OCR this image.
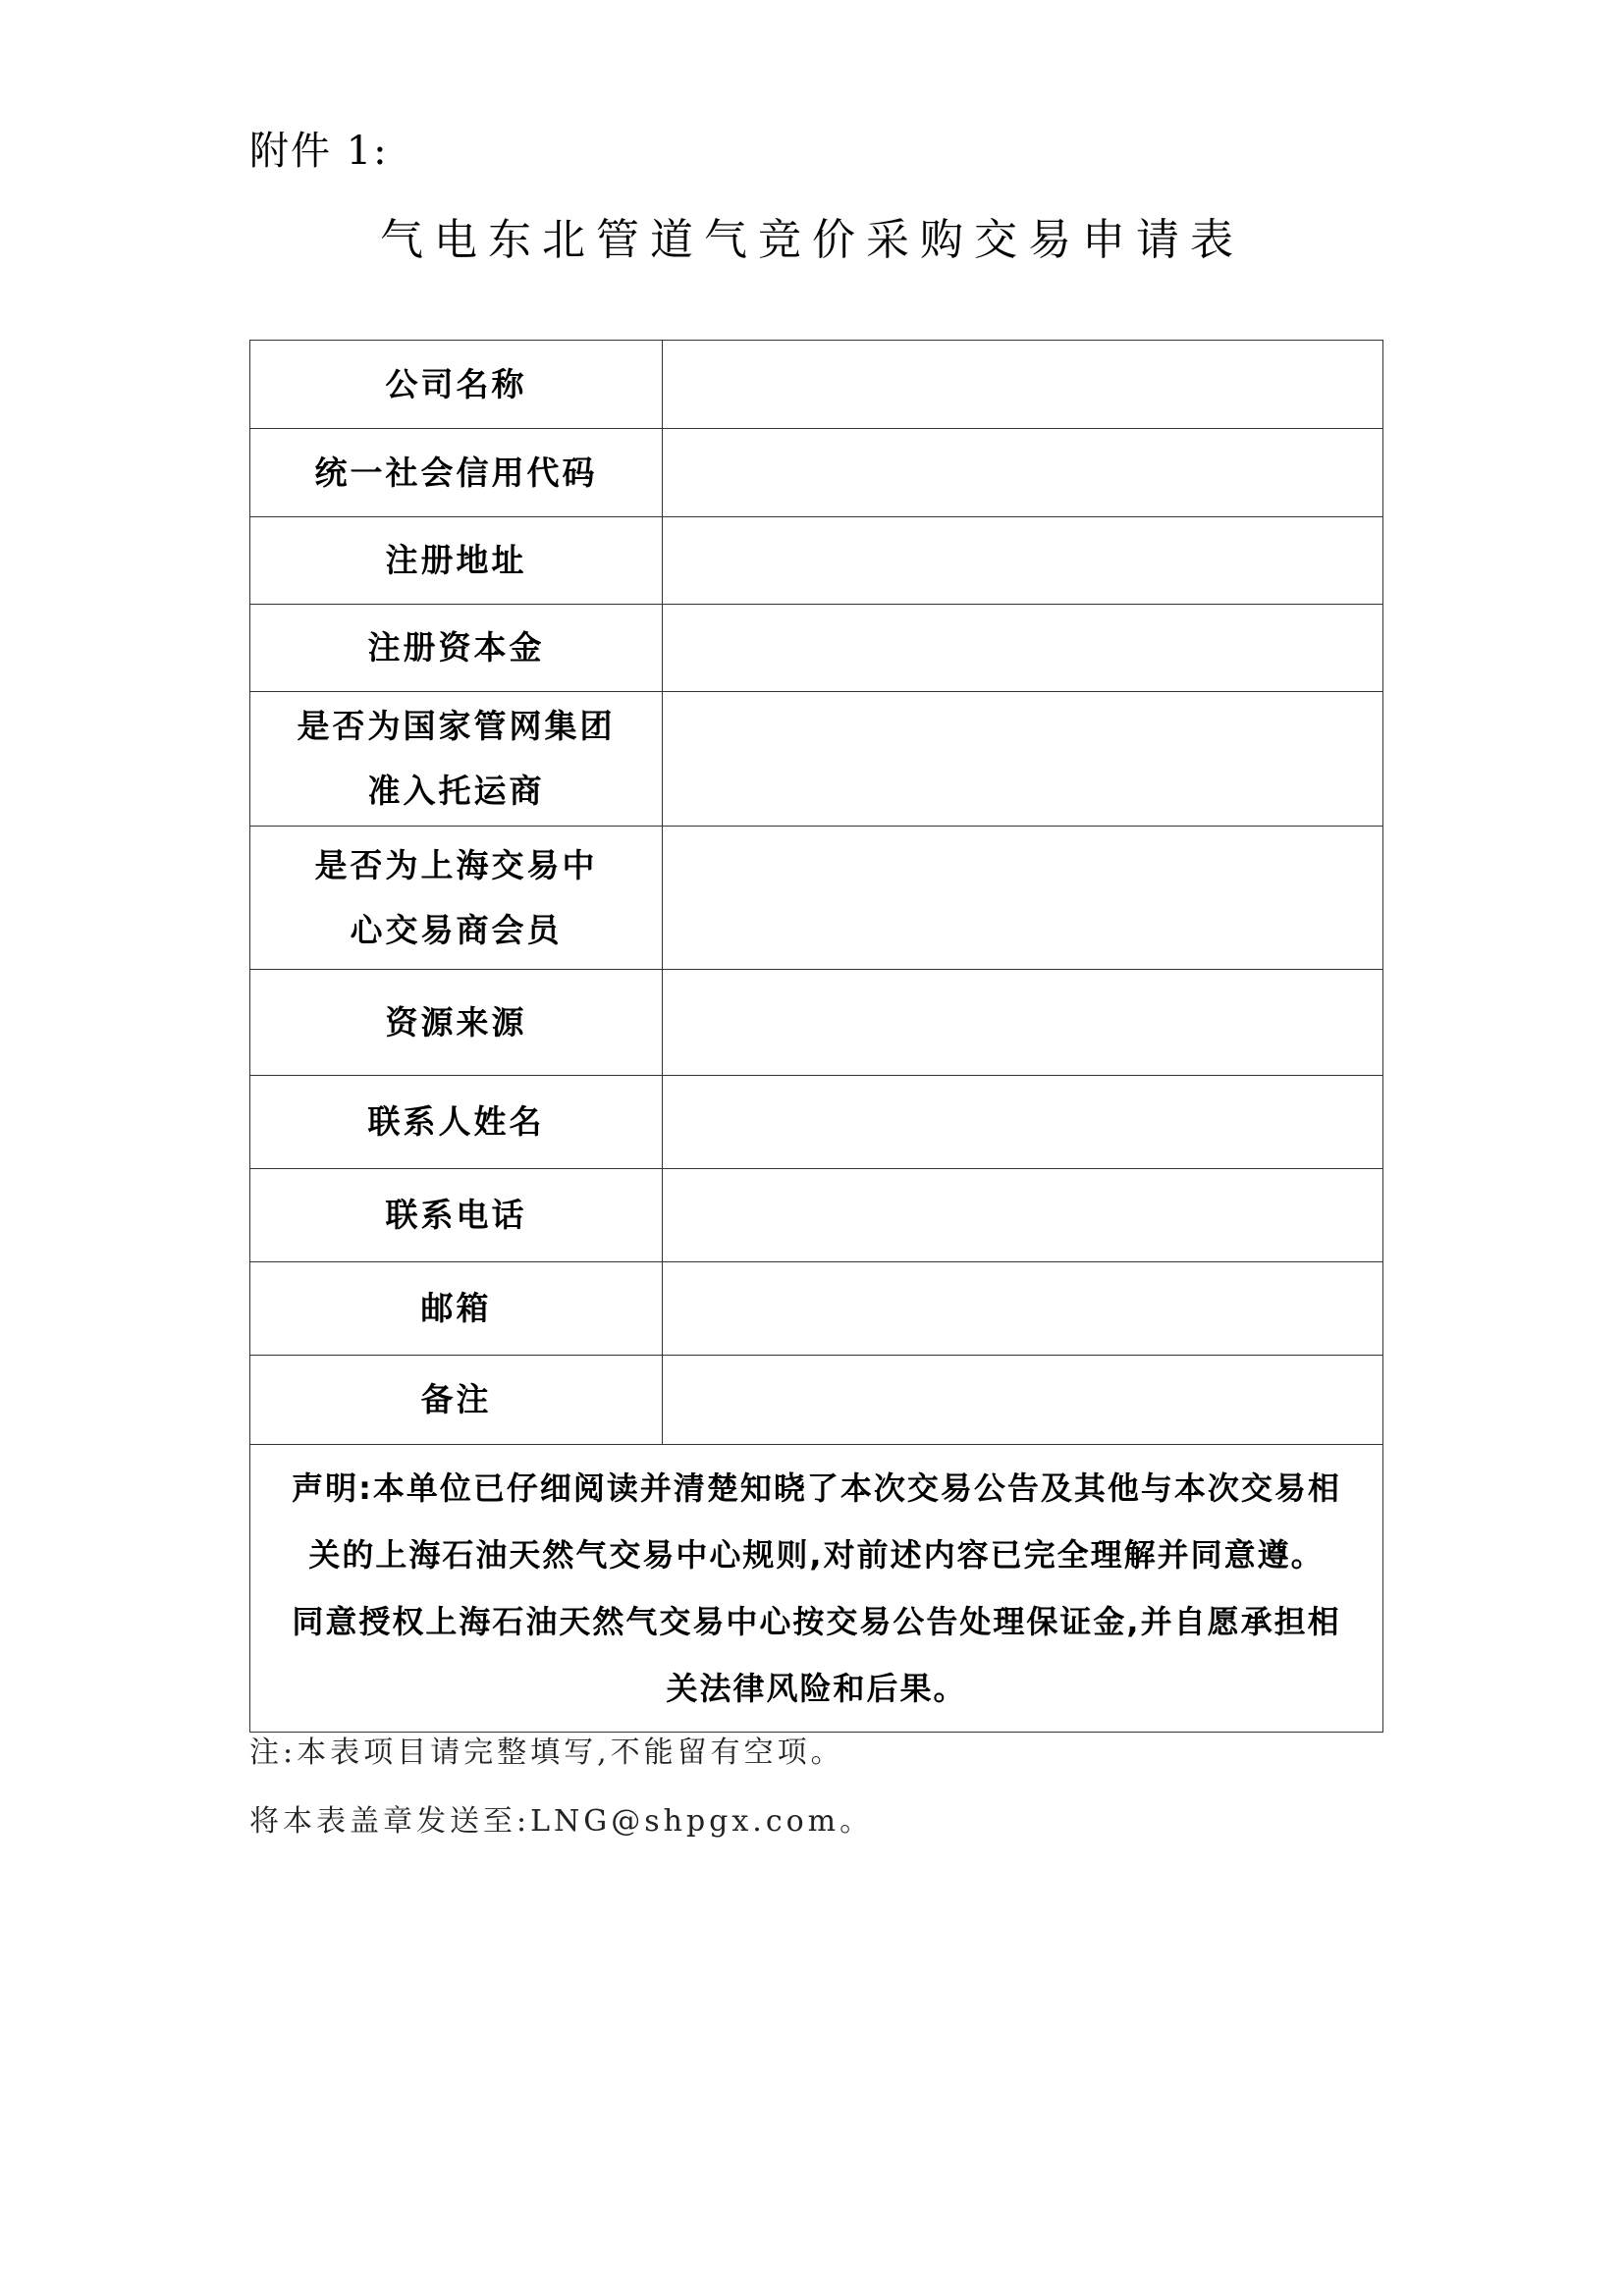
附件 1:
气电东北管道气竞价采购交易申请表
公司名称	

统一社会信用代码	

注册地址	

注册资本金	

是否为国家管网集团
准入托运商	

是否为上海交易中
心交易商会员	

资源来源	

联系人姓名	

联系电话	

邮箱	

备注	

声明:本单位已仔细阅读并清楚知晓了本次交易公告及其他与本次交易相
关的上海石油天然气交易中心规则,对前述内容已完全理解并同意遵。
同意授权上海石油天然气交易中心按交易公告处理保证金,并自愿承担相
关法律风险和后果。	
注:本表项目请完整填写,不能留有空项。
将本表盖章发送至:LNG@shpgx.com。
